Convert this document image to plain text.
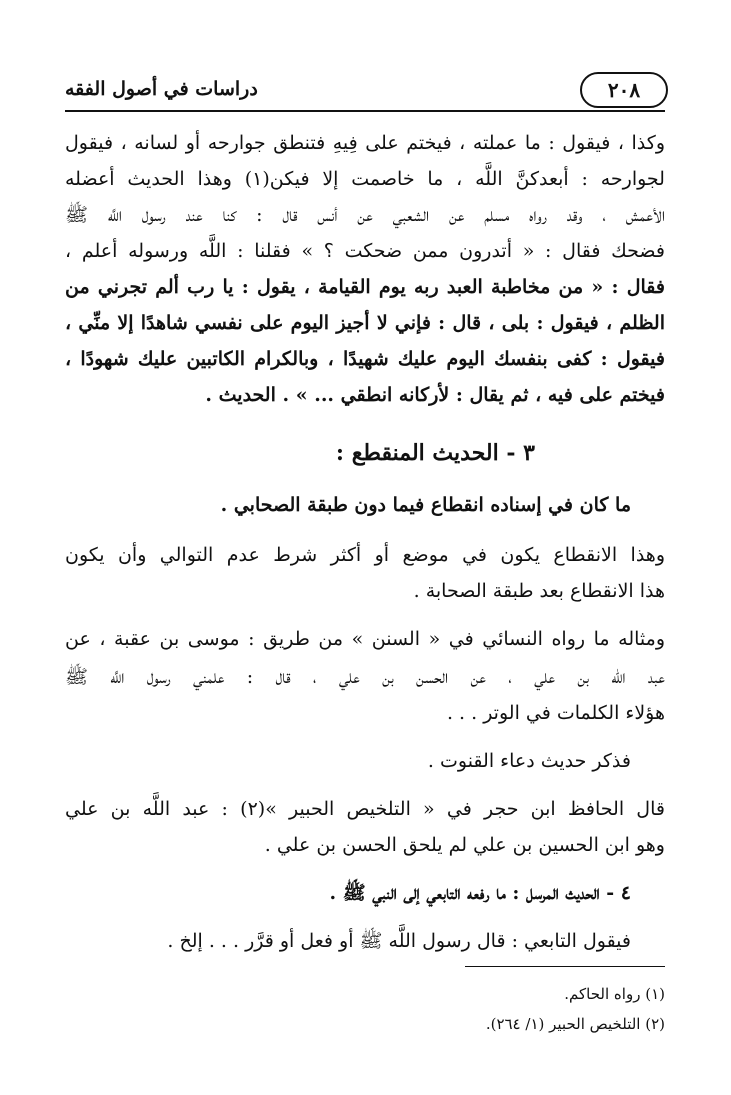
٢٠٨
دراسات في أصول الفقه
وكذا ، فيقول : ما عملته ، فيختم على فِيهِ فتنطق جوارحه أو لسانه ، فيقول
لجوارحه : أبعدكنَّ اللَّه ، ما خاصمت إلا فيكن(١) وهذا الحديث أعضله
الأعمش ، وقد رواه مسلم عن الشعبي عن أنس قال : كنا عند رسول اللَّه ﷺ
فضحك فقال : « أتدرون ممن ضحكت ؟ » فقلنا : اللَّه ورسوله أعلم ،
فقال : « من مخاطبة العبد ربه يوم القيامة ، يقول : يا رب ألم تجرني من
الظلم ، فيقول : بلى ، قال : فإني لا أجيز اليوم على نفسي شاهدًا إلا منِّي ،
فيقول : كفى بنفسك اليوم عليك شهيدًا ، وبالكرام الكاتبين عليك شهودًا ،
فيختم على فيه ، ثم يقال : لأركانه انطقي ... » . الحديث .
٣ - الحديث المنقطع :
ما كان في إسناده انقطاع فيما دون طبقة الصحابي .
وهذا الانقطاع يكون في موضع أو أكثر شرط عدم التوالي وأن يكون
هذا الانقطاع بعد طبقة الصحابة .
ومثاله ما رواه النسائي في « السنن » من طريق : موسى بن عقبة ، عن
عبد الله بن علي ، عن الحسن بن علي ، قال : علمني رسول اللَّه ﷺ
هؤلاء الكلمات في الوتر . . .
فذكر حديث دعاء القنوت .
قال الحافظ ابن حجر في « التلخيص الحبير »(٢) : عبد اللَّه بن علي
وهو ابن الحسين بن علي لم يلحق الحسن بن علي .
٤ - الحديث المرسل : ما رفعه التابعي إلى النبي ﷺ .
فيقول التابعي : قال رسول اللَّه ﷺ أو فعل أو قرَّر . . . إلخ .
(١) رواه الحاكم.
(٢) التلخيص الحبير (١/ ٢٦٤).
